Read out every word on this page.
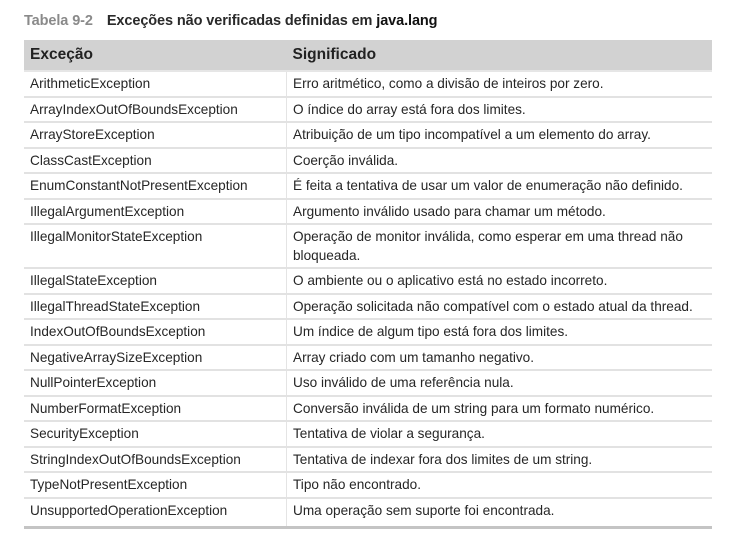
Tabela 9-2 Exceções não verificadas definidas em java.lang
Exceção	Significado
ArithmeticException	Erro aritmético, como a divisão de inteiros por zero.
ArrayIndexOutOfBoundsException	O índice do array está fora dos limites.
ArrayStoreException	Atribuição de um tipo incompatível a um elemento do array.
ClassCastException	Coerção inválida.
EnumConstantNotPresentException	É feita a tentativa de usar um valor de enumeração não definido.
IllegalArgumentException	Argumento inválido usado para chamar um método.
IllegalMonitorStateException	Operação de monitor inválida, como esperar em uma thread não bloqueada.
IllegalStateException	O ambiente ou o aplicativo está no estado incorreto.
IllegalThreadStateException	Operação solicitada não compatível com o estado atual da thread.
IndexOutOfBoundsException	Um índice de algum tipo está fora dos limites.
NegativeArraySizeException	Array criado com um tamanho negativo.
NullPointerException	Uso inválido de uma referência nula.
NumberFormatException	Conversão inválida de um string para um formato numérico.
SecurityException	Tentativa de violar a segurança.
StringIndexOutOfBoundsException	Tentativa de indexar fora dos limites de um string.
TypeNotPresentException	Tipo não encontrado.
UnsupportedOperationException	Uma operação sem suporte foi encontrada.
